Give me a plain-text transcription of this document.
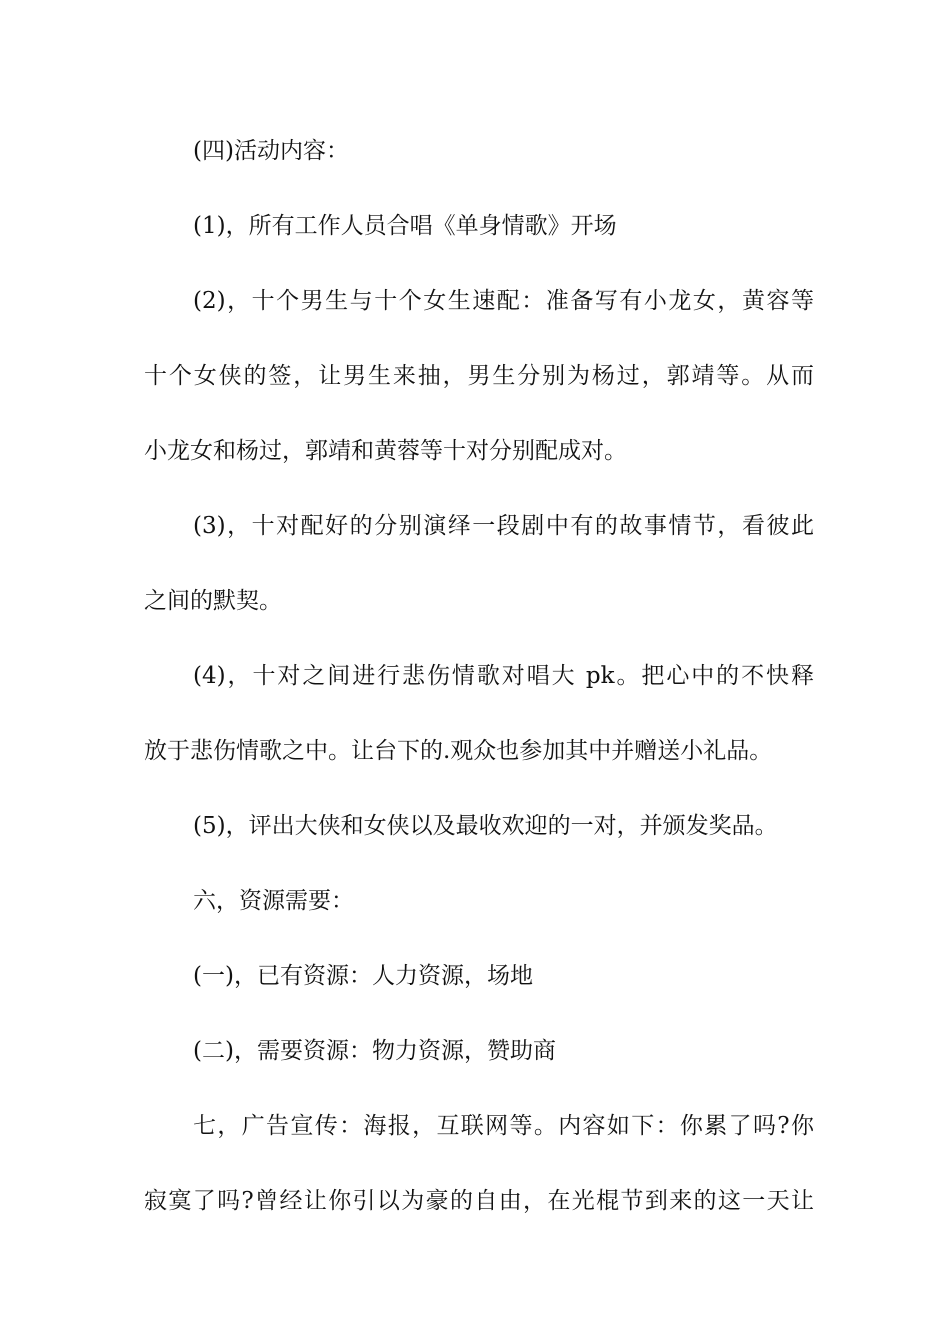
(四)活动内容：
(1)，所有工作人员合唱《单身情歌》开场
(2)，十个男生与十个女生速配：准备写有小龙女，黄容等
十个女侠的签，让男生来抽，男生分别为杨过，郭靖等。从而
小龙女和杨过，郭靖和黄蓉等十对分别配成对。
(3)，十对配好的分别演绎一段剧中有的故事情节，看彼此
之间的默契。
(4)，十对之间进行悲伤情歌对唱大 pk。把心中的不快释
放于悲伤情歌之中。让台下的.观众也参加其中并赠送小礼品。
(5)，评出大侠和女侠以及最收欢迎的一对，并颁发奖品。
六，资源需要：
(一)，已有资源：人力资源，场地
(二)，需要资源：物力资源，赞助商
七，广告宣传：海报，互联网等。内容如下：你累了吗?你
寂寞了吗?曾经让你引以为豪的自由，在光棍节到来的这一天让
